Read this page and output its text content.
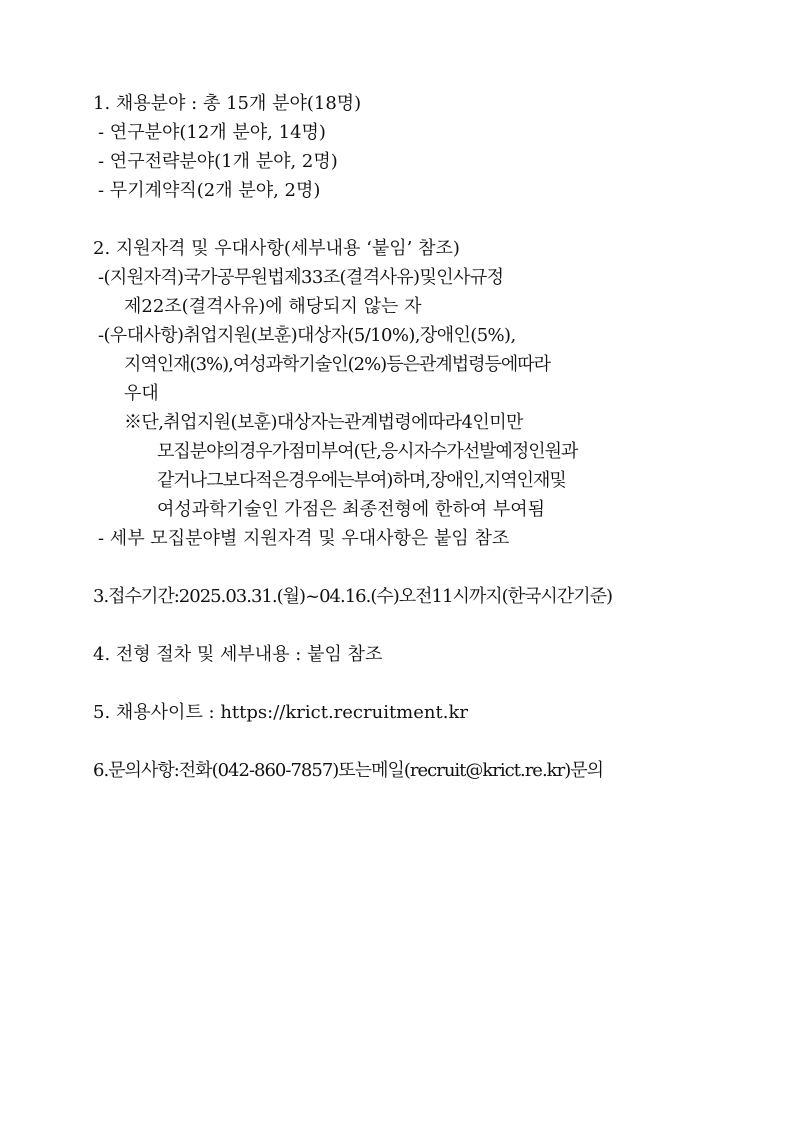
1. 채용분야 : 총 15개 분야(18명)
- 연구분야(12개 분야, 14명)
- 연구전략분야(1개 분야, 2명)
- 무기계약직(2개 분야, 2명)
2. 지원자격 및 우대사항(세부내용 ‘붙임’ 참조)
-(지원자격)국가공무원법제33조(결격사유)및인사규정
제22조(결격사유)에 해당되지 않는 자
-(우대사항)취업지원(보훈)대상자(5/10%),장애인(5%),
지역인재(3%),여성과학기술인(2%)등은관계법령등에따라
우대
※단,취업지원(보훈)대상자는관계법령에따라4인미만
모집분야의경우가점미부여(단,응시자수가선발예정인원과
같거나그보다적은경우에는부여)하며,장애인,지역인재및
여성과학기술인 가점은 최종전형에 한하여 부여됨
- 세부 모집분야별 지원자격 및 우대사항은 붙임 참조
3.접수기간:2025.03.31.(월)~04.16.(수)오전11시까지(한국시간기준)
4. 전형 절차 및 세부내용 : 붙임 참조
5. 채용사이트 : https://krict.recruitment.kr
6.문의사항:전화(042-860-7857)또는메일(recruit@krict.re.kr)문의
